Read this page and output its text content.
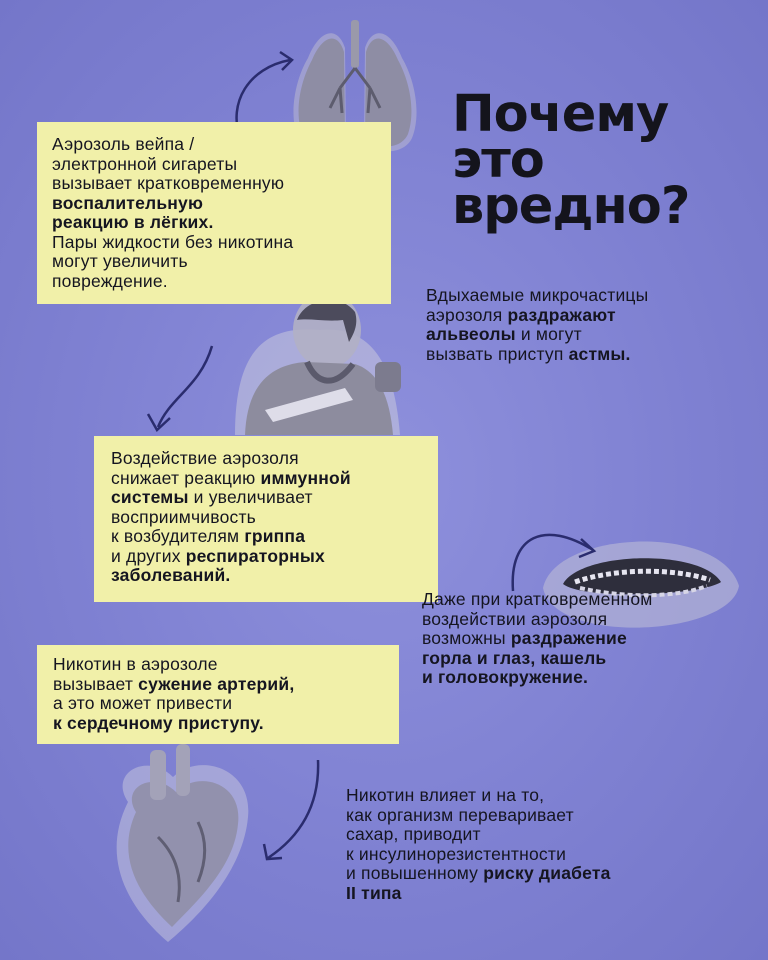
Почему
это
вредно?
Аэрозоль вейпа /
электронной сигареты
вызывает кратковременную
воспалительную
реакцию в лёгких.
Пары жидкости без никотина
могут увеличить
повреждение.
Воздействие аэрозоля
снижает реакцию иммунной
системы и увеличивает
восприимчивость
к возбудителям гриппа
и других респираторных
заболеваний.
Никотин в аэрозоле
вызывает сужение артерий,
а это может привести
к сердечному приступу.
Вдыхаемые микрочастицы
аэрозоля раздражают
альвеолы и могут
вызвать приступ астмы.
Даже при кратковременном
воздействии аэрозоля
возможны раздражение
горла и глаз, кашель
и головокружение.
Никотин влияет и на то,
как организм переваривает
сахар, приводит
к инсулинорезистентности
и повышенному риску диабета
II типа
